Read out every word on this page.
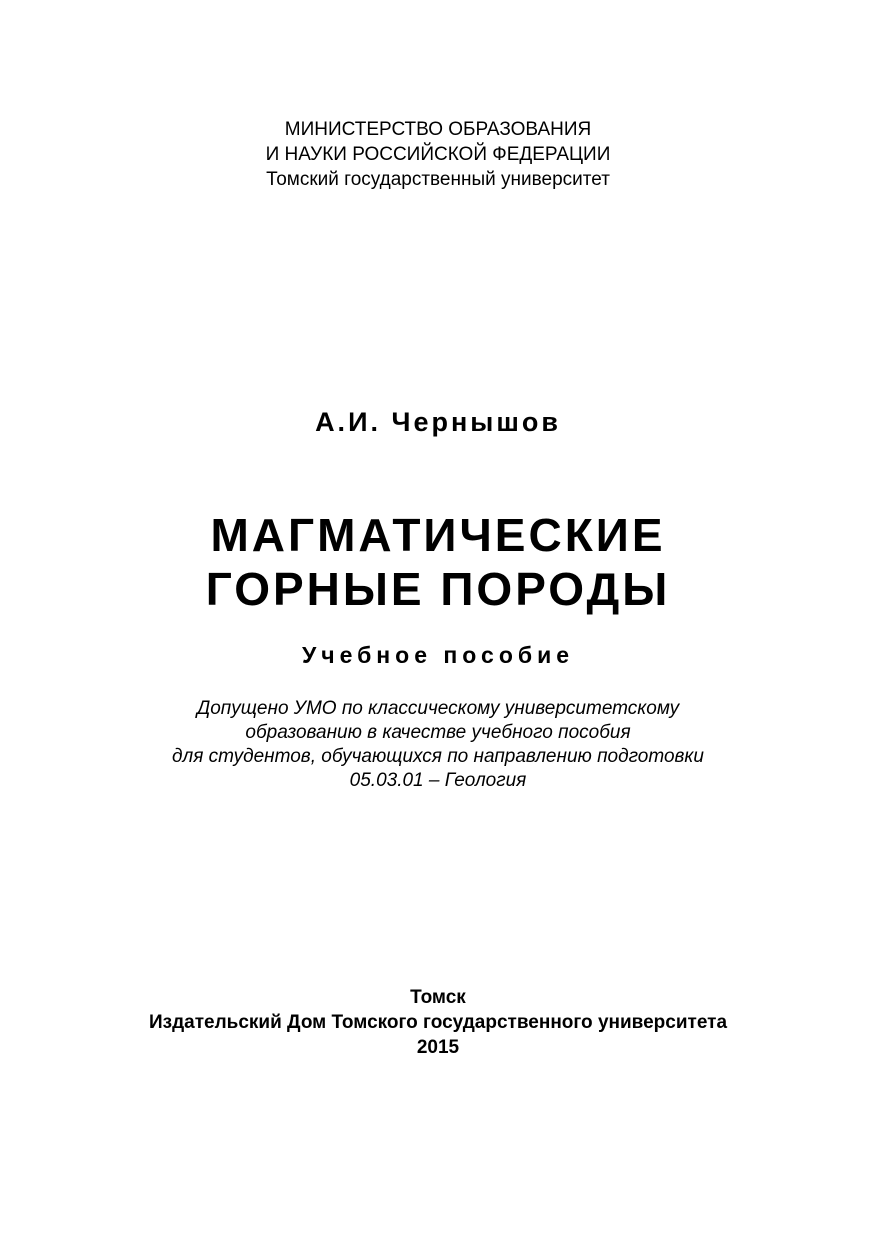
МИНИСТЕРСТВО ОБРАЗОВАНИЯ
И НАУКИ РОССИЙСКОЙ ФЕДЕРАЦИИ
Томский государственный университет
А.И. Чернышов
МАГМАТИЧЕСКИЕ
ГОРНЫЕ ПОРОДЫ
Учебное пособие
Допущено УМО по классическому университетскому
образованию в качестве учебного пособия
для студентов, обучающихся по направлению подготовки
05.03.01 – Геология
Томск
Издательский Дом Томского государственного университета
2015
